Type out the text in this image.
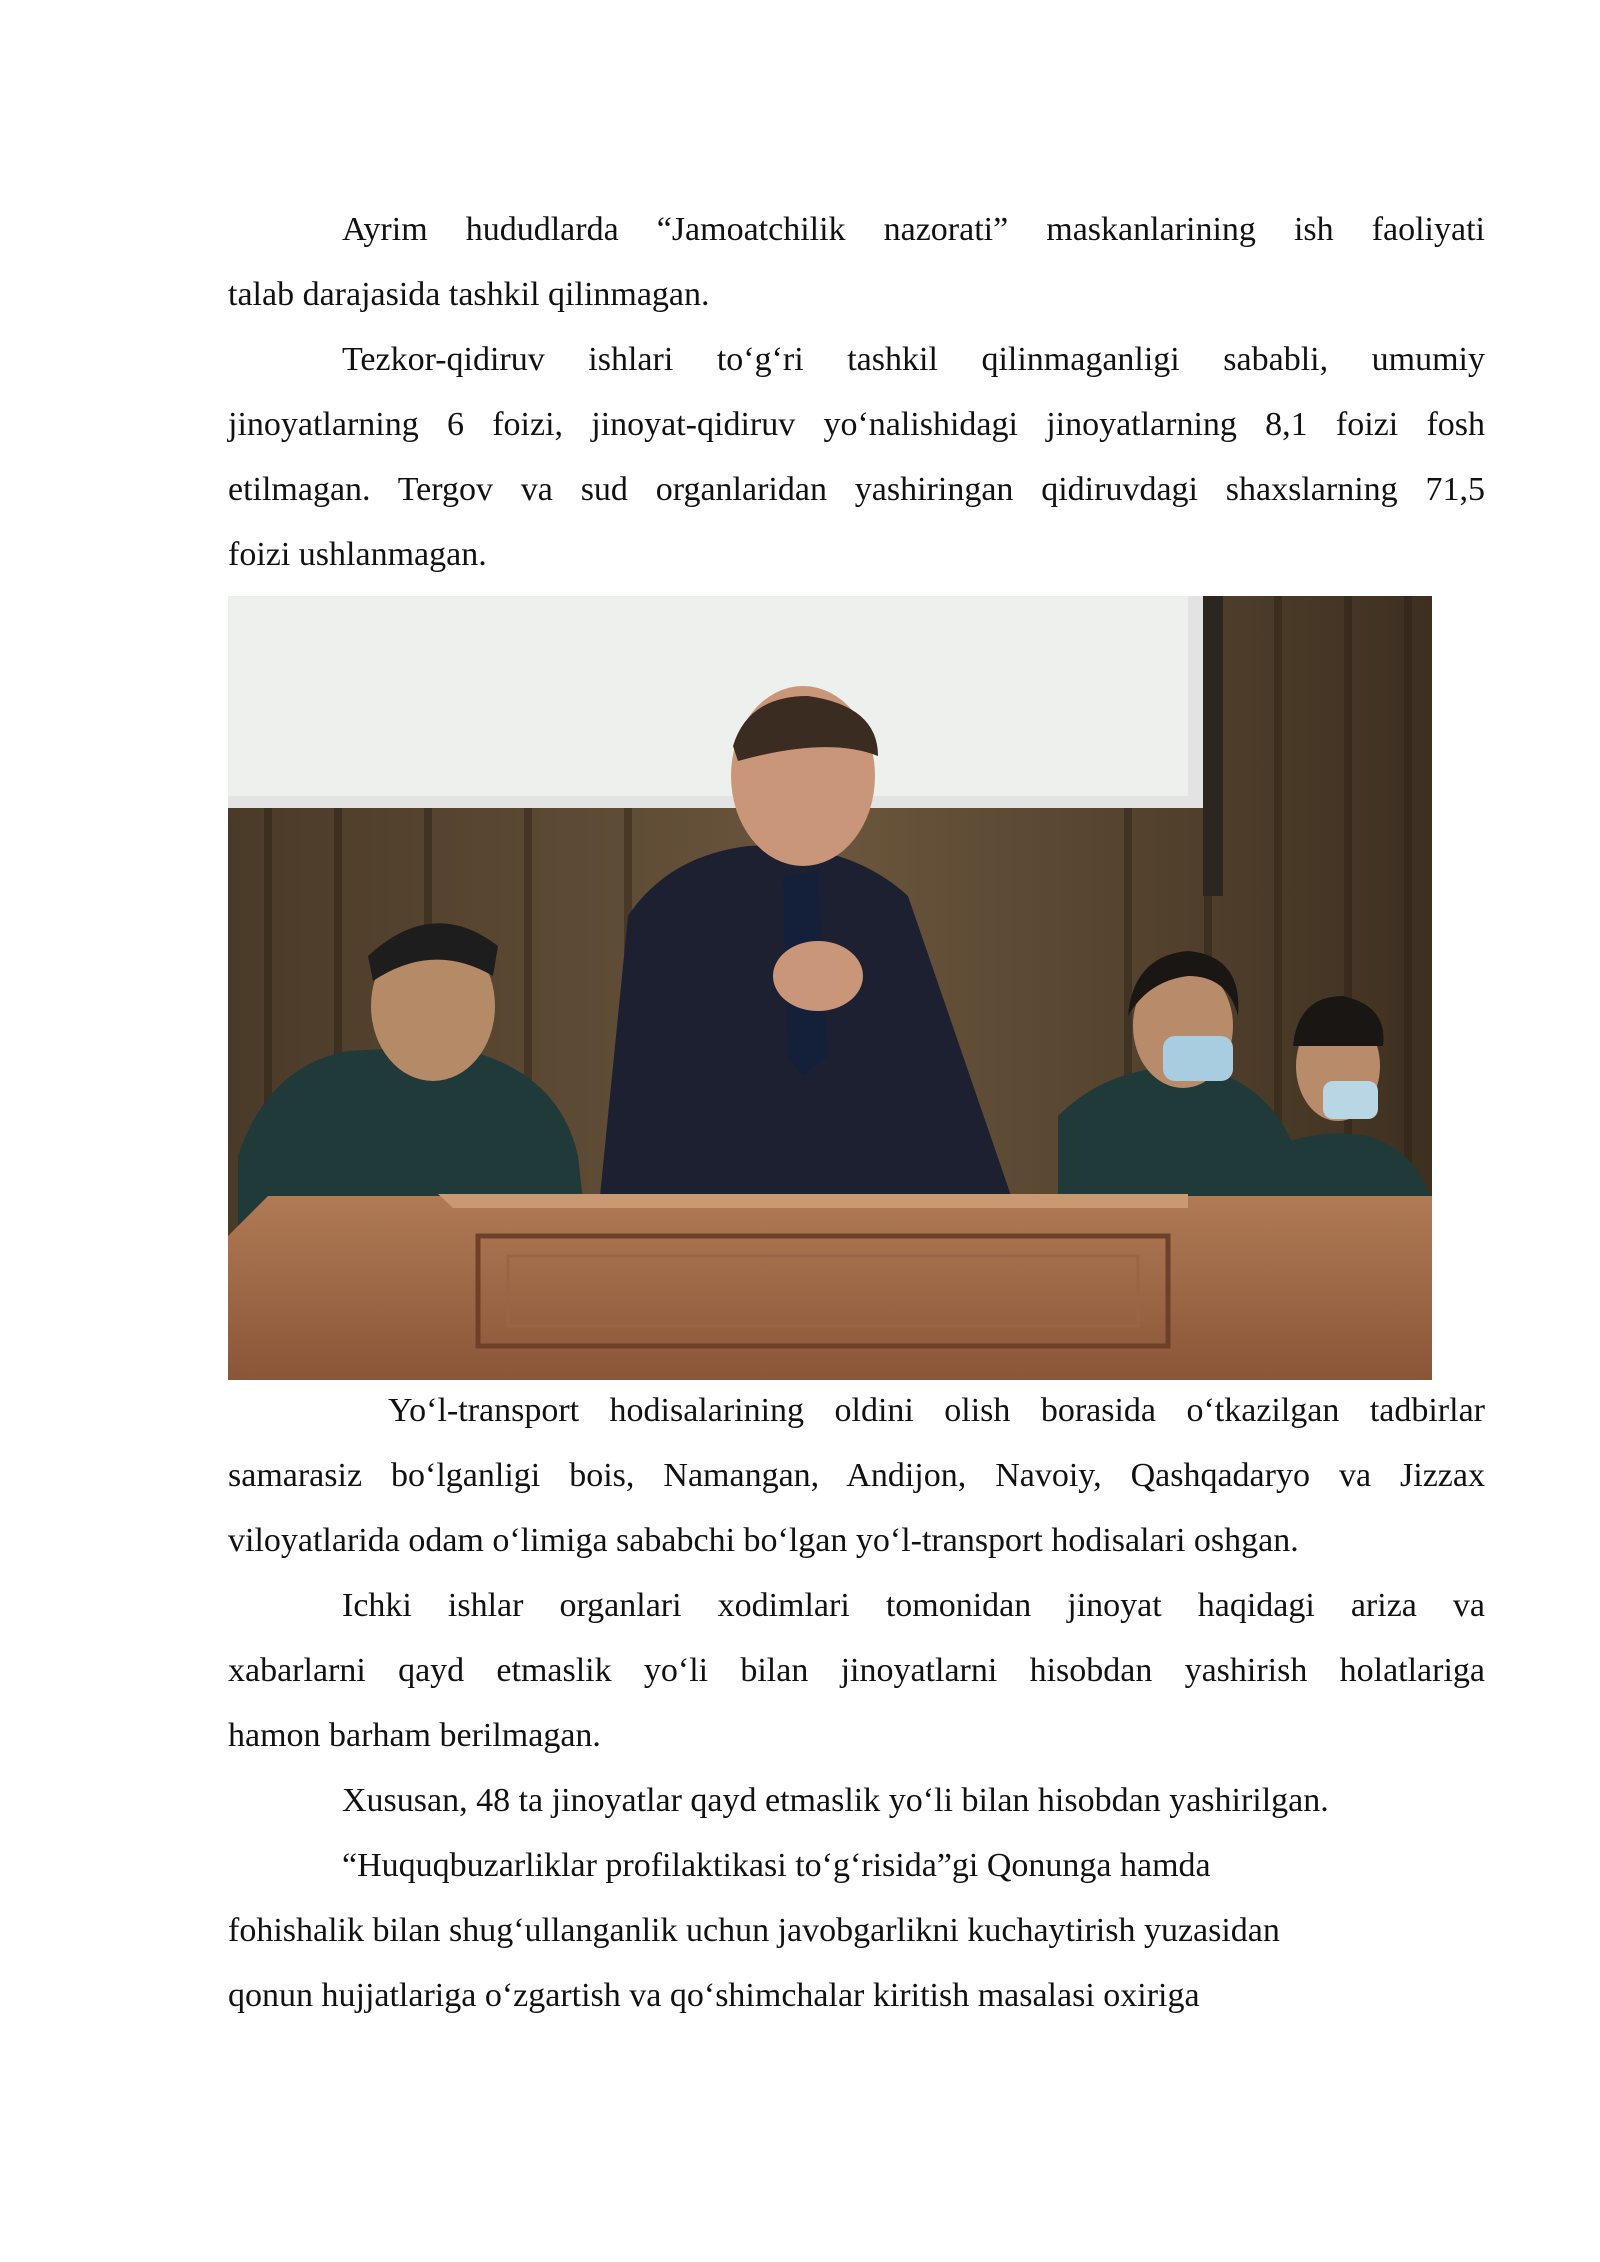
Ayrim hududlarda “Jamoatchilik nazorati” maskanlarining ish faoliyati
talab darajasida tashkil qilinmagan.
Tezkor-qidiruv ishlari to‘g‘ri tashkil qilinmaganligi sababli, umumiy
jinoyatlarning 6 foizi, jinoyat-qidiruv yo‘nalishidagi jinoyatlarning 8,1 foizi fosh
etilmagan. Tergov va sud organlaridan yashiringan qidiruvdagi shaxslarning 71,5
foizi ushlanmagan.
Yo‘l-transport hodisalarining oldini olish borasida o‘tkazilgan tadbirlar
samarasiz bo‘lganligi bois, Namangan, Andijon, Navoiy, Qashqadaryo va Jizzax
viloyatlarida odam o‘limiga sababchi bo‘lgan yo‘l-transport hodisalari oshgan.
Ichki ishlar organlari xodimlari tomonidan jinoyat haqidagi ariza va
xabarlarni qayd etmaslik yo‘li bilan jinoyatlarni hisobdan yashirish holatlariga
hamon barham berilmagan.
Xususan, 48 ta jinoyatlar qayd etmaslik yo‘li bilan hisobdan yashirilgan.
“Huquqbuzarliklar profilaktikasi to‘g‘risida”gi Qonunga hamda
fohishalik bilan shug‘ullanganlik uchun javobgarlikni kuchaytirish yuzasidan
qonun hujjatlariga o‘zgartish va qo‘shimchalar kiritish masalasi oxiriga
